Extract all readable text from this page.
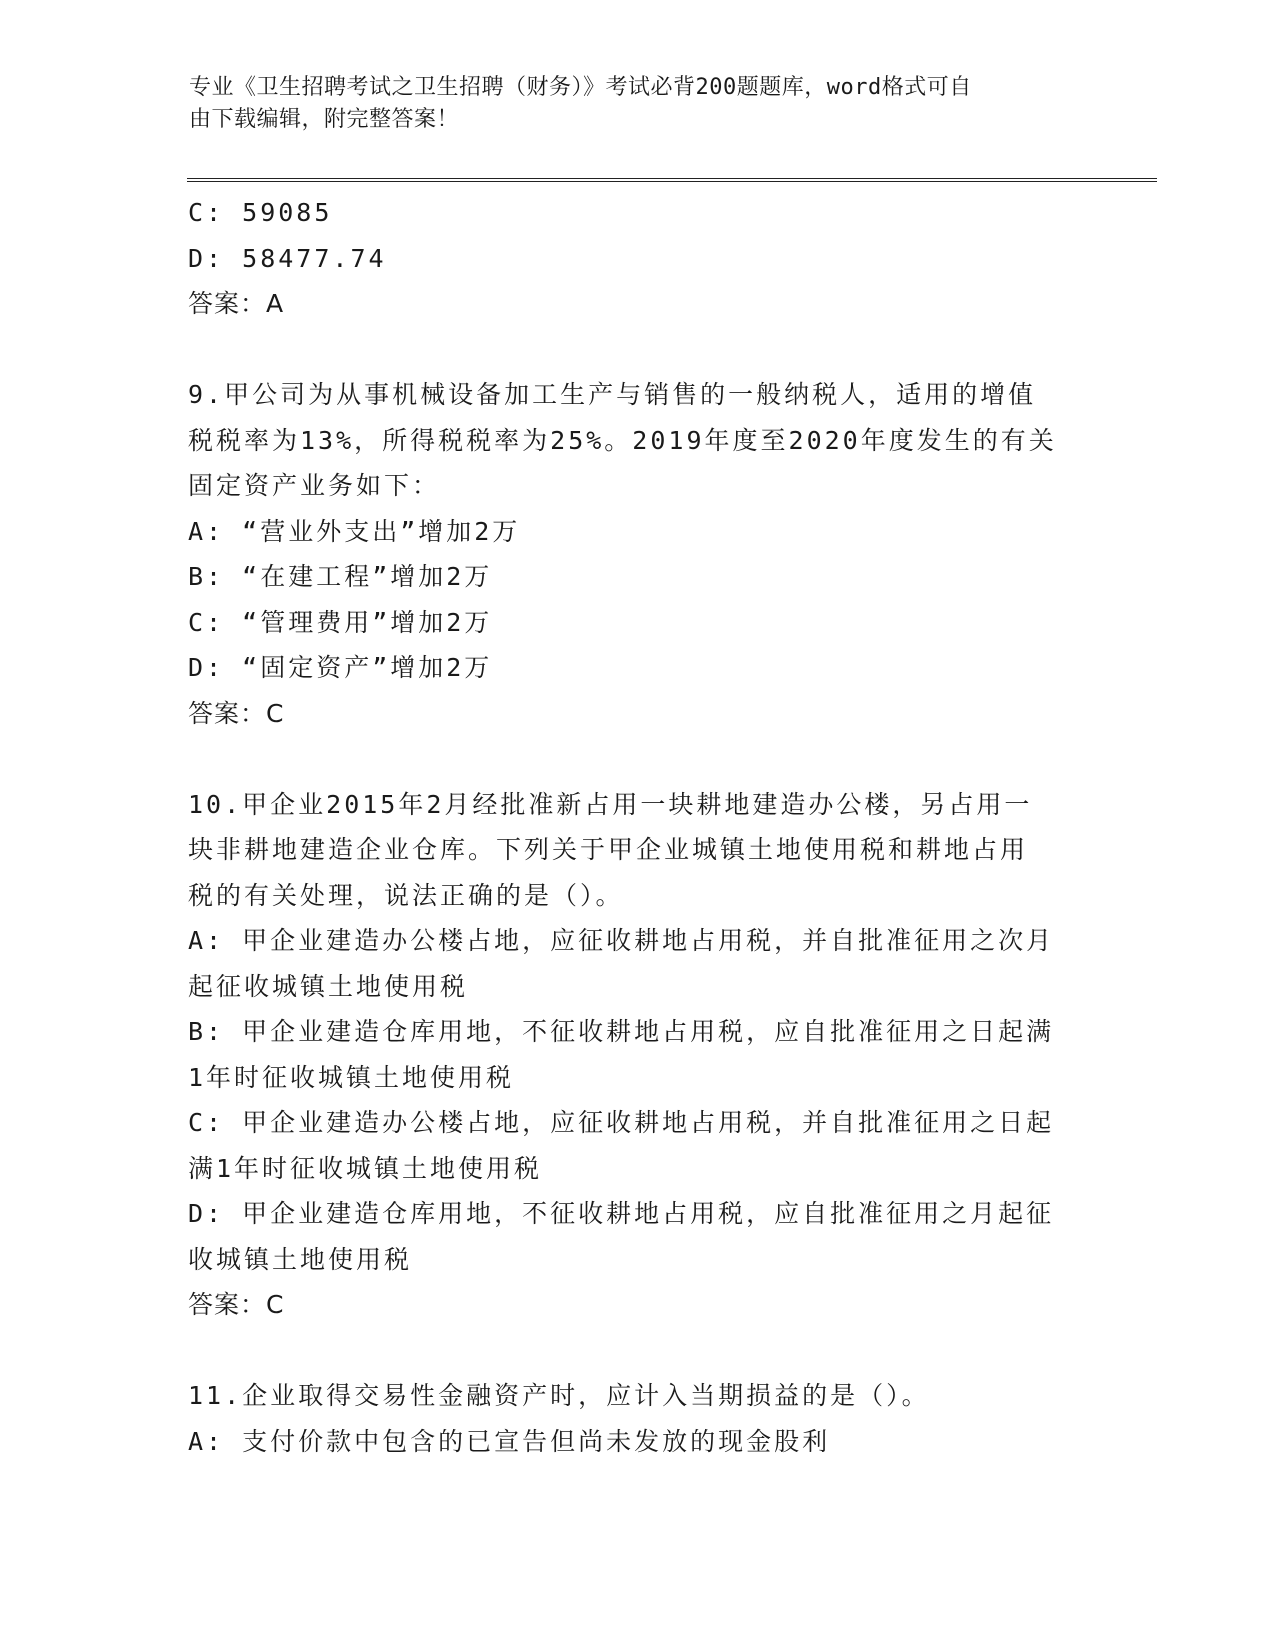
专业《卫生招聘考试之卫生招聘（财务）》考试必背200题题库，word格式可自
由下载编辑，附完整答案！

C: 59085

D: 58477.74

答案：A

9.甲公司为从事机械设备加工生产与销售的一般纳税人，适用的增值

税税率为13%，所得税税率为25%。2019年度至2020年度发生的有关

固定资产业务如下：

A: “营业外支出”增加2万

B: “在建工程”增加2万

C: “管理费用”增加2万

D: “固定资产”增加2万

答案：C

10.甲企业2015年2月经批准新占用一块耕地建造办公楼，另占用一

块非耕地建造企业仓库。下列关于甲企业城镇土地使用税和耕地占用

税的有关处理，说法正确的是（）。

A: 甲企业建造办公楼占地，应征收耕地占用税，并自批准征用之次月

起征收城镇土地使用税

B: 甲企业建造仓库用地，不征收耕地占用税，应自批准征用之日起满

1年时征收城镇土地使用税

C: 甲企业建造办公楼占地，应征收耕地占用税，并自批准征用之日起

满1年时征收城镇土地使用税

D: 甲企业建造仓库用地，不征收耕地占用税，应自批准征用之月起征

收城镇土地使用税

答案：C

11.企业取得交易性金融资产时，应计入当期损益的是（）。

A: 支付价款中包含的已宣告但尚未发放的现金股利
